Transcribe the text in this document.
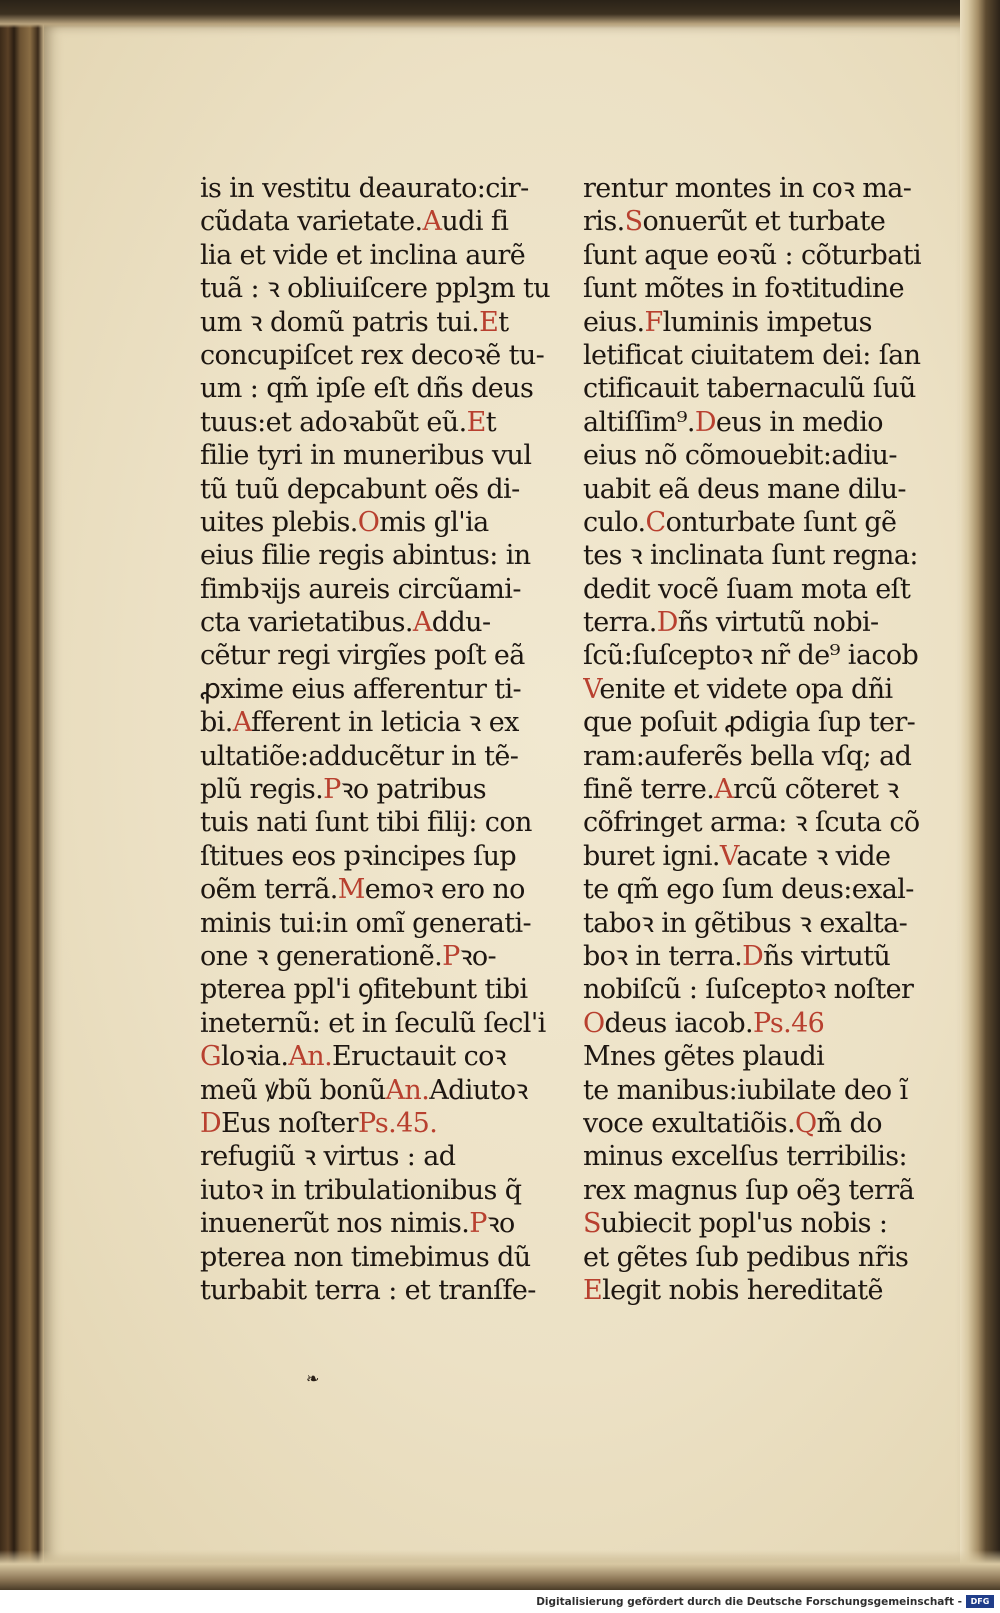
is in vestitu deaurato:cir-
cũdata varietate.Audi fi
lia et vide et inclina aurẽ
tuã : ꝛ obliuiſcere pplꝫm tu
um ꝛ domũ patris tui.Et
concupiſcet rex decoꝛẽ tu-
um : qm̃ ipſe eſt dñs deus
tuus:et adoꝛabũt eũ.Et
filie tyri in muneribus vul
tũ tuũ depcabunt oẽs di-
uites plebis.Omis gl'ia
eius filie regis abintus: in
fimbꝛijs aureis circũami-
cta varietatibus.Addu-
cẽtur regi virgĩes poſt eã
ꝓxime eius afferentur ti-
bi.Afferent in leticia ꝛ ex
ultatiõe:adducẽtur in tẽ-
plũ regis.Pꝛo patribus
tuis nati ſunt tibi filij: con
ſtitues eos pꝛincipes ſup
oẽm terrã.Memoꝛ ero no
minis tui:in omĩ generati-
one ꝛ generationẽ.Pꝛo-
pterea ppl'i ꝯfitebunt tibi
ineternũ: et in ſeculũ ſecl'i
Gloꝛia.An.Eructauit coꝛ
meũ ꝟbũ bonũAn.Adiutoꝛ
DEus noſterPs.45.
refugiũ ꝛ virtus : ad
iutoꝛ in tribulationibus q̃
inuenerũt nos nimis.Pꝛo
pterea non timebimus dũ
turbabit terra : et tranſfe-
rentur montes in coꝛ ma-
ris.Sonuerũt et turbate
ſunt aque eoꝛũ : cõturbati
ſunt mõtes in foꝛtitudine
eius.Fluminis impetus
letificat ciuitatem dei: ſan
ctificauit tabernaculũ ſuũ
altiſſim⁹.Deus in medio
eius nõ cõmouebit:adiu-
uabit eã deus mane dilu-
culo.Conturbate ſunt gẽ
tes ꝛ inclinata ſunt regna:
dedit vocẽ ſuam mota eſt
terra.Dñs virtutũ nobi-
ſcũ:ſuſceptoꝛ nr̃ de⁹ iacob
Venite et videte opa dñi
que poſuit ꝓdigia ſup ter-
ram:auferẽs bella vſq; ad
finẽ terre.Arcũ cõteret ꝛ
cõfringet arma: ꝛ ſcuta cõ
buret igni.Vacate ꝛ vide
te qm̃ ego ſum deus:exal-
taboꝛ in gẽtibus ꝛ exalta-
boꝛ in terra.Dñs virtutũ
nobiſcũ : ſuſceptoꝛ noſter
Odeus iacob.Ps.46
Mnes gẽtes plaudi
te manibus:iubilate deo ĩ
voce exultatiõis.Qm̃ do
minus excelſus terribilis:
rex magnus ſup oẽꝫ terrã
Subiecit popl'us nobis :
et gẽtes ſub pedibus nr̃is
Elegit nobis hereditatẽ
❧
Digitalisierung gefördert durch die Deutsche Forschungsgemeinschaft -	DFG
